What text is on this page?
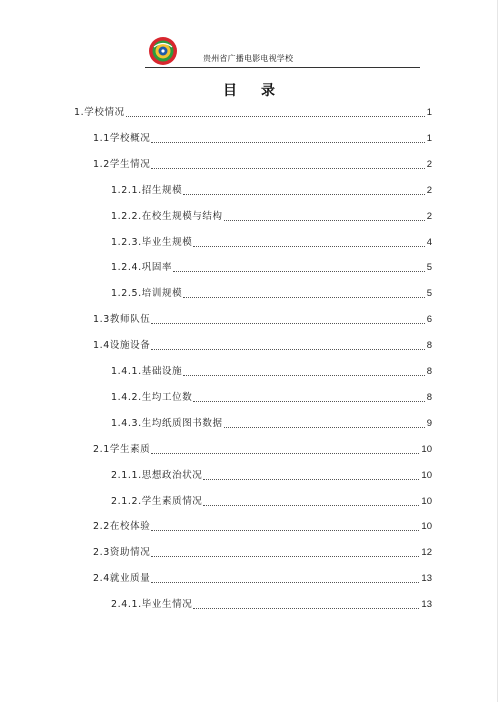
贵州省广播电影电视学校
目 录
1.学校情况	1
1.1学校概况	1
1.2学生情况	2
1.2.1.招生规模	2
1.2.2.在校生规模与结构	2
1.2.3.毕业生规模	4
1.2.4.巩固率	5
1.2.5.培训规模	5
1.3教师队伍	6
1.4设施设备	8
1.4.1.基础设施	8
1.4.2.生均工位数	8
1.4.3.生均纸质图书数据	9
2.1学生素质	10
2.1.1.思想政治状况	10
2.1.2.学生素质情况	10
2.2在校体验	10
2.3资助情况	12
2.4就业质量	13
2.4.1.毕业生情况	13
